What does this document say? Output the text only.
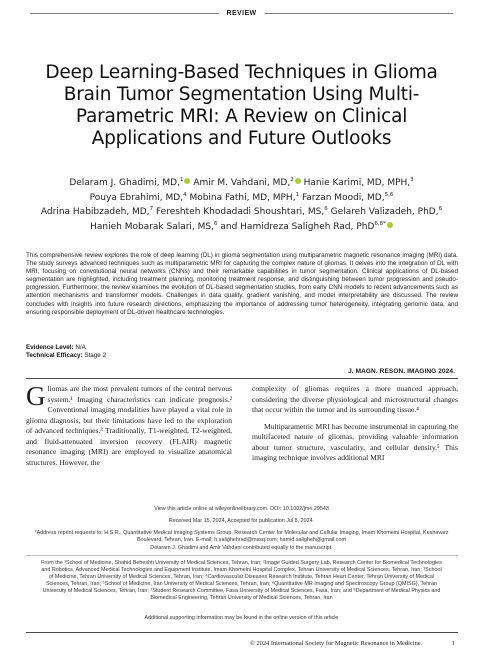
REVIEW
Deep Learning-Based Techniques in Glioma Brain Tumor Segmentation Using Multi-Parametric MRI: A Review on Clinical Applications and Future Outlooks
Delaram J. Ghadimi, MD,$^1$ Amir M. Vahdani, MD,$^2$ Hanie Karimi, MD, MPH,$^3$
Pouya Ebrahimi, MD,$^4$ Mobina Fathi, MD, MPH,$^1$ Farzan Moodi, MD,$^{5,6}$
Adrina Habibzadeh, MD,$^7$ Fereshteh Khodadadi Shoushtari, MS,$^6$ Gelareh Valizadeh, PhD,$^6$
Hanieh Mobarak Salari, MS,$^6$ and Hamidreza Saligheh Rad, PhD$^{6,8*}$
This comprehensive review explores the role of deep learning (DL) in glioma segmentation using multiparametric magnetic resonance imaging (MRI) data. The study surveys advanced techniques such as multiparametric MRI for capturing the complex nature of gliomas. It delves into the integration of DL with MRI, focusing on convolutional neural networks (CNNs) and their remarkable capabilities in tumor segmentation. Clinical applications of DL-based segmentation are highlighted, including treatment planning, monitoring treatment response, and distinguishing between tumor progression and pseudo-progression. Furthermore, the review examines the evolution of DL-based segmentation studies, from early CNN models to recent advancements such as attention mechanisms and transformer models. Challenges in data quality, gradient vanishing, and model interpretability are discussed. The review concludes with insights into future research directions, emphasizing the importance of addressing tumor heterogeneity, integrating genomic data, and ensuring responsible deployment of DL-driven healthcare technologies.
Evidence Level: N/A
Technical Efficacy: Stage 2
J. MAGN. RESON. IMAGING 2024.

Gliomas are the most prevalent tumors of the central nervous system.¹ Imaging characteristics can indicate prognosis.² Conventional imaging modalities have played a vital role in glioma diagnosis, but their limitations have led to the exploration of advanced techniques.³ Traditionally, T1-weighted, T2-weighted, and fluid-attenuated inversion recovery (FLAIR) magnetic resonance imaging (MRI) are employed to visualize anatomical structures. However, the

complexity of gliomas requires a more nuanced approach, considering the diverse physiological and microstructural changes that occur within the tumor and its surrounding tissue.⁴

Multiparametric MRI has become instrumental in capturing the multifaceted nature of gliomas, providing valuable information about tumor structure, vascularity, and cellular density.⁵ This imaging technique involves additional MRI

View this article online at wileyonlinelibrary.com. DOI: 10.1002/jmri.29543
Received Mar 15, 2024, Accepted for publication Jul 8, 2024.
*Address reprint requests to: H.S.R., Quantitative Medical Imaging Systems Group, Research Center for Molecular and Cellular Imaging, Imam Khomeini Hospital, Keshavarz Boulevard, Tehran, Iran. E-mail: h.salighehrad@mssq.com; hamid.saligheh@gmail.com
Delaram J. Ghadimi and Amir Vahdani contributed equally to the manuscript.
From the ¹School of Medicine, Shahid Beheshti University of Medical Sciences, Tehran, Iran; ²Image Guided Surgery Lab, Research Center for Biomedical Technologies and Robotics, Advanced Medical Technologies and Equipment Institute, Imam Khomeini Hospital Complex, Tehran University of Medical Sciences, Tehran, Iran; ³School of Medicine, Tehran University of Medical Sciences, Tehran, Iran; ⁴Cardiovascular Diseases Research Institute, Tehran Heart Center, Tehran University of Medical Sciences, Tehran, Iran; ⁵School of Medicine, Iran University of Medical Sciences, Tehran, Iran; ⁶Quantitative MR Imaging and Spectroscopy Group (QMISG), Tehran University of Medical Sciences, Tehran, Iran; ⁷Student Research Committee, Fasa University of Medical Sciences, Fasa, Iran; and ⁸Department of Medical Physics and Biomedical Engineering, Tehran University of Medical Sciences, Tehran, Iran
Additional supporting information may be found in the online version of this article
© 2024 International Society for Magnetic Resonance in Medicine.	1
